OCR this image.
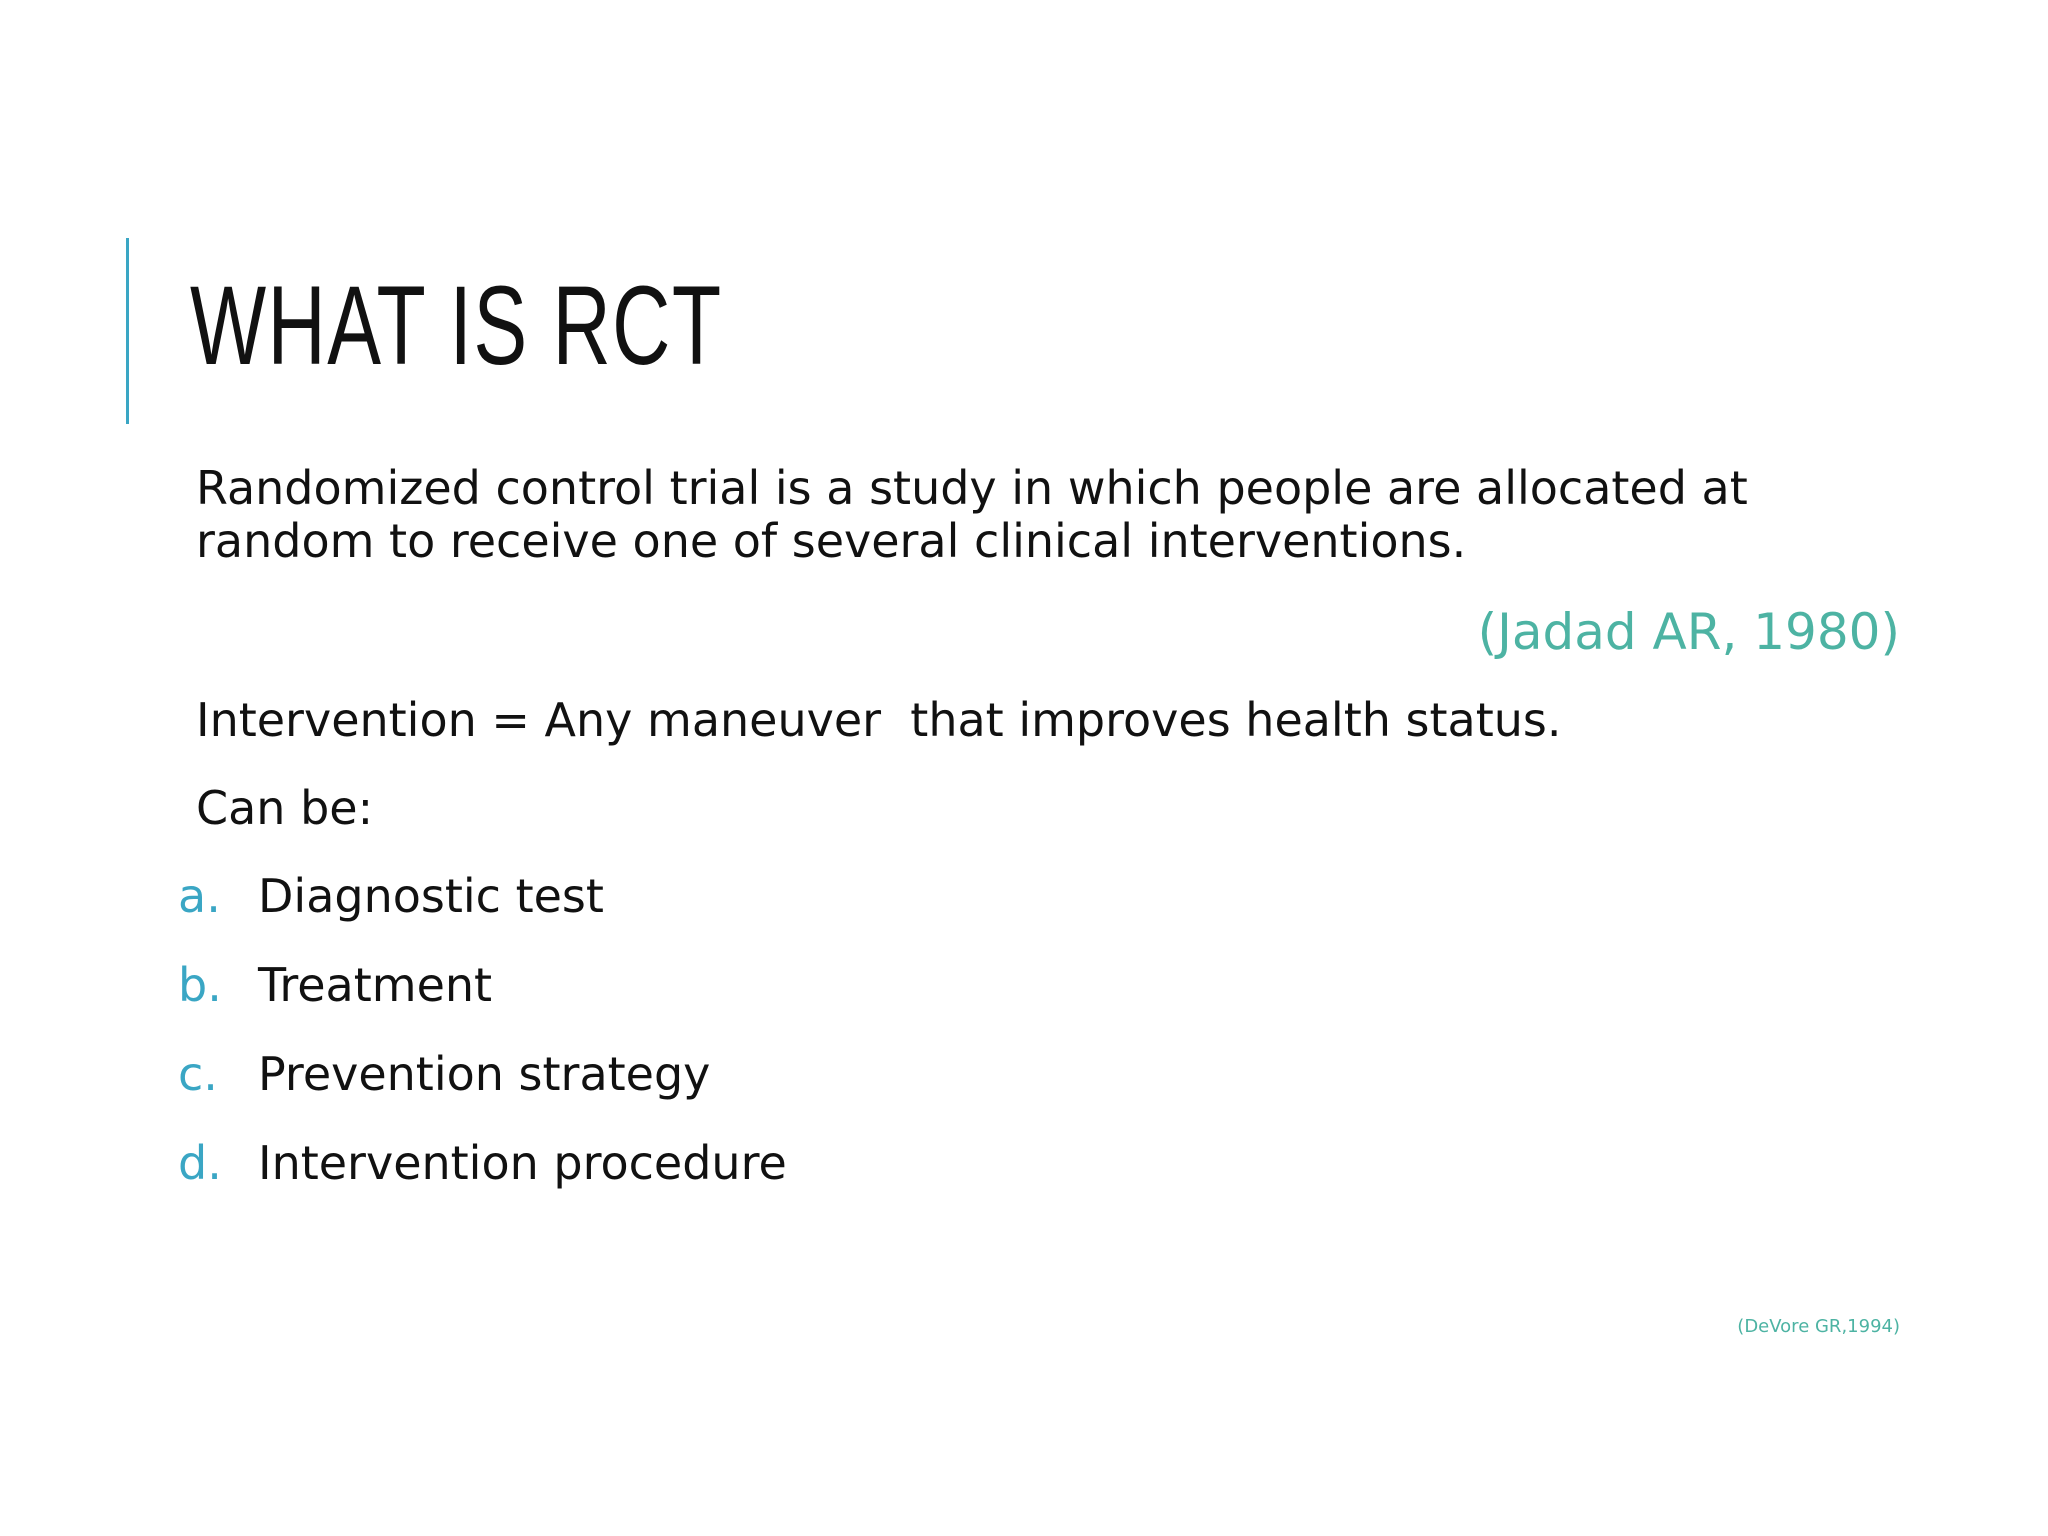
WHAT IS RCT

Randomized control trial is a study in which people are allocated at random to receive one of several clinical interventions.

(Jadad AR, 1980)

Intervention = Any maneuver  that improves health status.

Can be:

a. Diagnostic test
b. Treatment
c. Prevention strategy
d. Intervention procedure

(DeVore GR,1994)
